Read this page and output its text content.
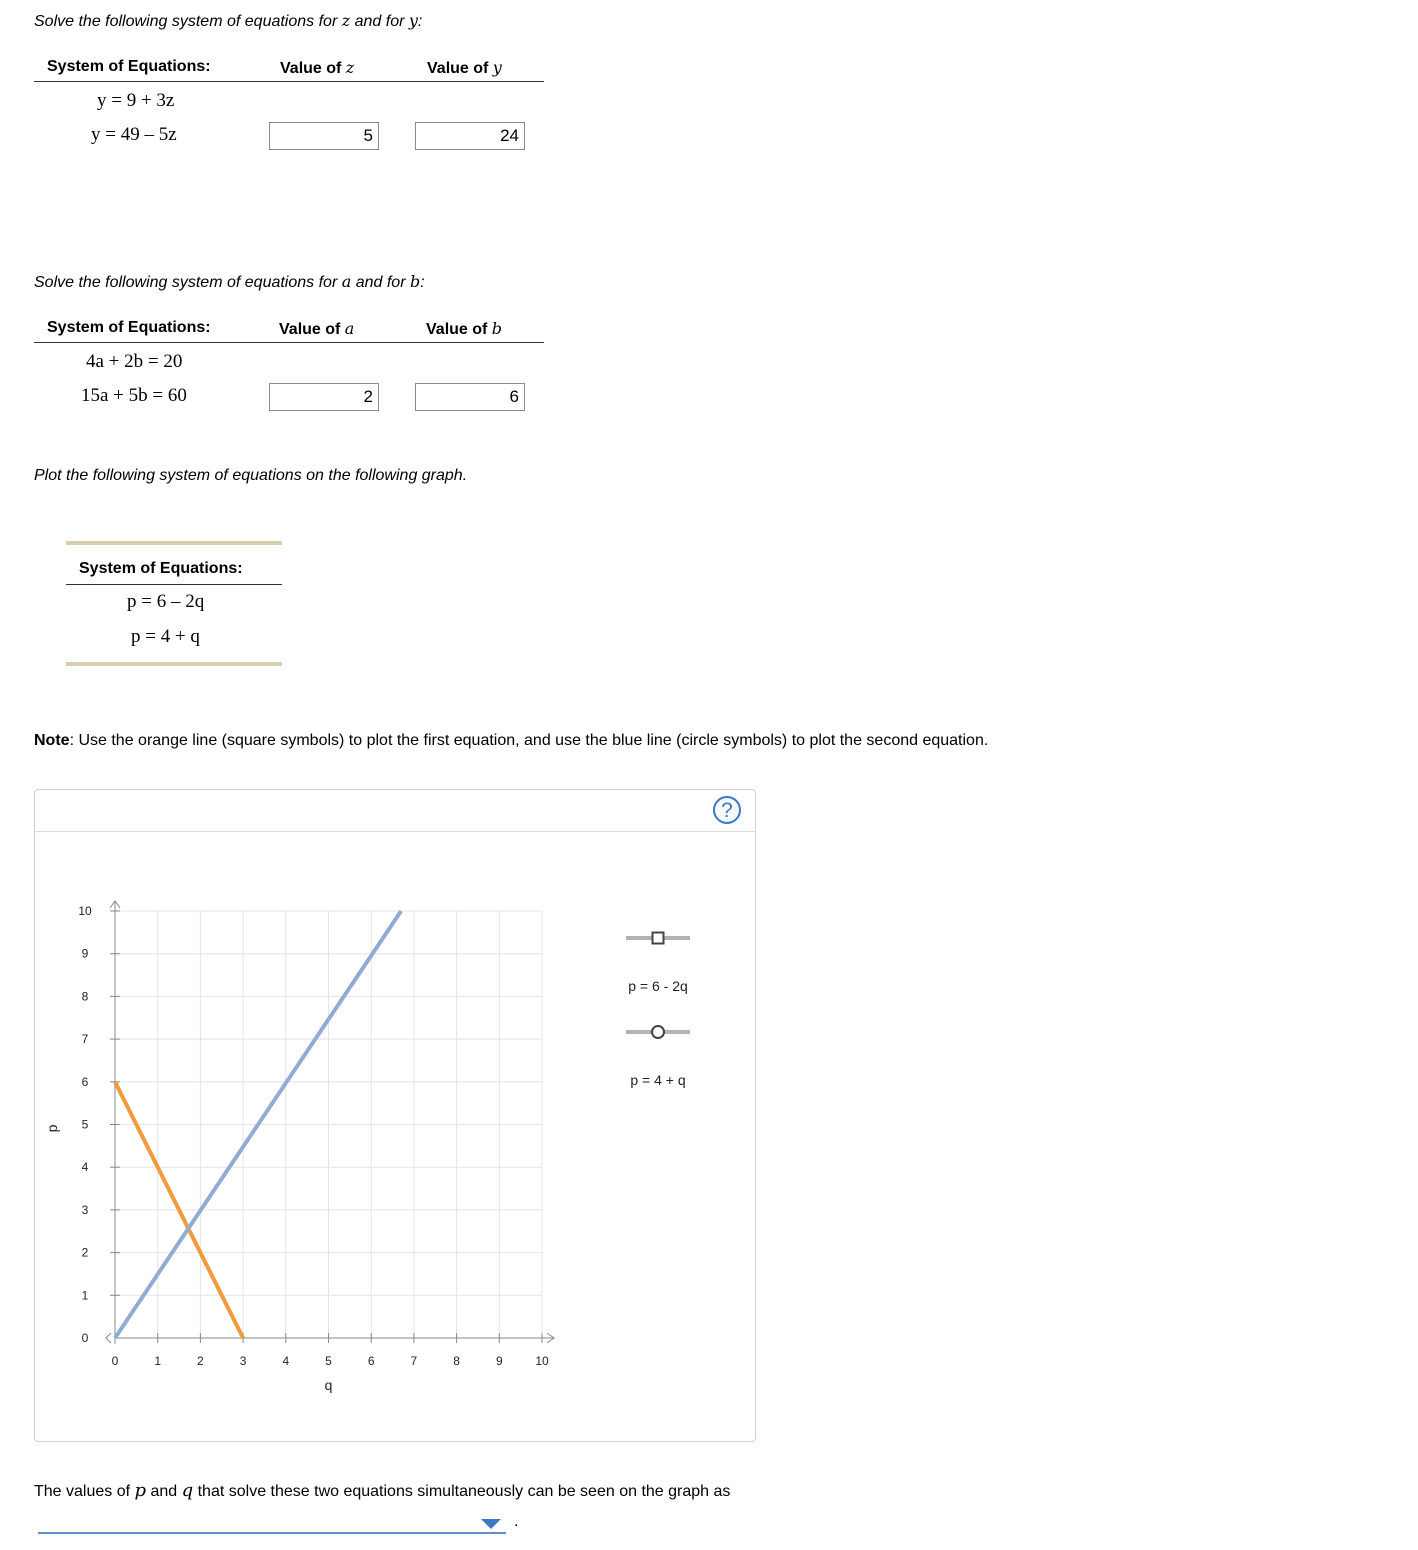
Solve the following system of equations for z and for y:
System of Equations:	Value of z	Value of y
y = 9 + 3z
y = 49 – 5z	5	24
Solve the following system of equations for a and for b:
System of Equations:	Value of a	Value of b
4a + 2b = 20
15a + 5b = 60	2	6
Plot the following system of equations on the following graph.
System of Equations:
p = 6 – 2q
p = 4 + q
Note: Use the orange line (square symbols) to plot the first equation, and use the blue line (circle symbols) to plot the second equation.
?
0	1	2	3	4	5	6	7	8	9	10
0
1
2
3
4
5
6
7
8
9
10
q
p
p = 6 - 2q
p = 4 + q
The values of p and q that solve these two equations simultaneously can be seen on the graph as
.
